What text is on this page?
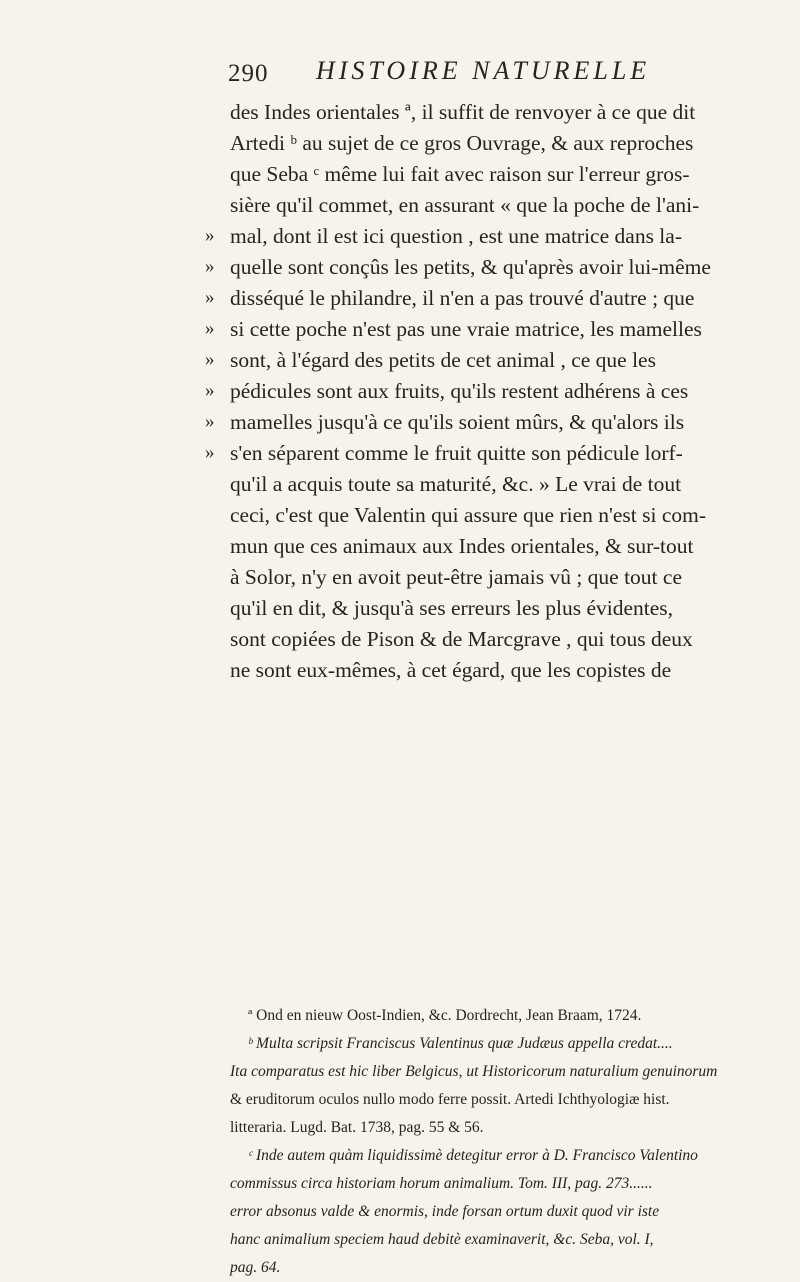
290 HISTOIRE NATURELLE
des Indes orientales ª, il suffit de renvoyer à ce que dit
Artedi ᵇ au sujet de ce gros Ouvrage, & aux reproches
que Seba ᶜ même lui fait avec raison sur l'erreur gros-
sière qu'il commet, en assurant « que la poche de l'ani-
» mal, dont il est ici question , est une matrice dans la-
» quelle sont conçûs les petits, & qu'après avoir lui-même
» disséqué le philandre, il n'en a pas trouvé d'autre ; que
» si cette poche n'est pas une vraie matrice, les mamelles
» sont, à l'égard des petits de cet animal , ce que les
» pédicules sont aux fruits, qu'ils restent adhérens à ces
» mamelles jusqu'à ce qu'ils soient mûrs, & qu'alors ils
» s'en séparent comme le fruit quitte son pédicule lorf-
qu'il a acquis toute sa maturité, &c. » Le vrai de tout
ceci, c'est que Valentin qui assure que rien n'est si com-
mun que ces animaux aux Indes orientales, & sur-tout
à Solor, n'y en avoit peut-être jamais vû ; que tout ce
qu'il en dit, & jusqu'à ses erreurs les plus évidentes,
sont copiées de Pison & de Marcgrave , qui tous deux
ne sont eux-mêmes, à cet égard, que les copistes de
ª Ond en nieuw Oost-Indien, &c. Dordrecht, Jean Braam, 1724.
ᵇ Multa scripsit Franciscus Valentinus quæ Judæus appella credat....
Ita comparatus est hic liber Belgicus, ut Historicorum naturalium genuinorum
& eruditorum oculos nullo modo ferre possit. Artedi Ichthyologiæ hist.
litteraria. Lugd. Bat. 1738, pag. 55 & 56.
ᶜ Inde autem quàm liquidissimè detegitur error à D. Francisco Valentino
commissus circa historiam horum animalium. Tom. III, pag. 273......
error absonus valde & enormis, inde forsan ortum duxit quod vir iste
hanc animalium speciem haud debitè examinaverit, &c. Seba, vol. I,
pag. 64.
